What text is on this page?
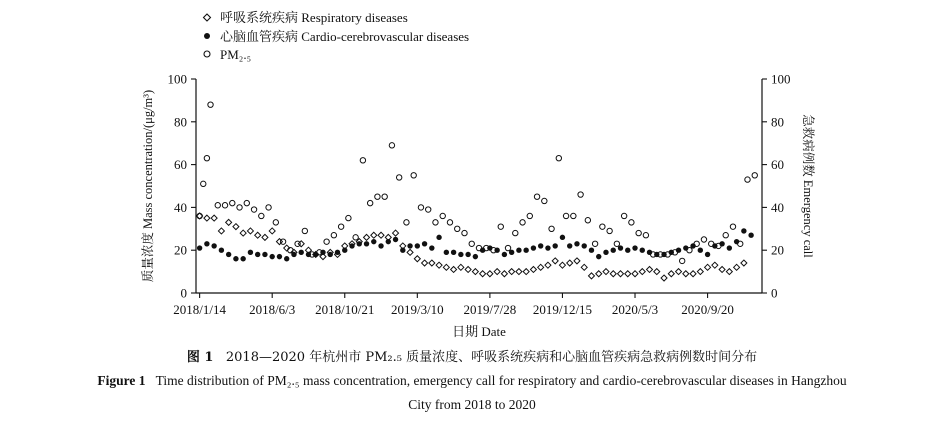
呼吸系统疾病 Respiratory diseases
心脑血管疾病 Cardio-cerebrovascular diseases
PM₂.₅
0
20
40
60
80
100
0
20
40
60
80
100
2018/1/14 2018/6/3 2018/10/21 2019/3/10 2019/7/28 2019/12/15 2020/5/3 2020/9/20
日期 Date
质量浓度 Mass concentration/(μg/m³)	急救病例数 Emergency call
图 1 2018—2020 年杭州市 PM₂.₅ 质量浓度、呼吸系统疾病和心脑血管疾病急救病例数时间分布
Figure 1 Time distribution of PM₂.₅ mass concentration, emergency call for respiratory and cardio-cerebrovascular diseases in Hangzhou
City from 2018 to 2020
